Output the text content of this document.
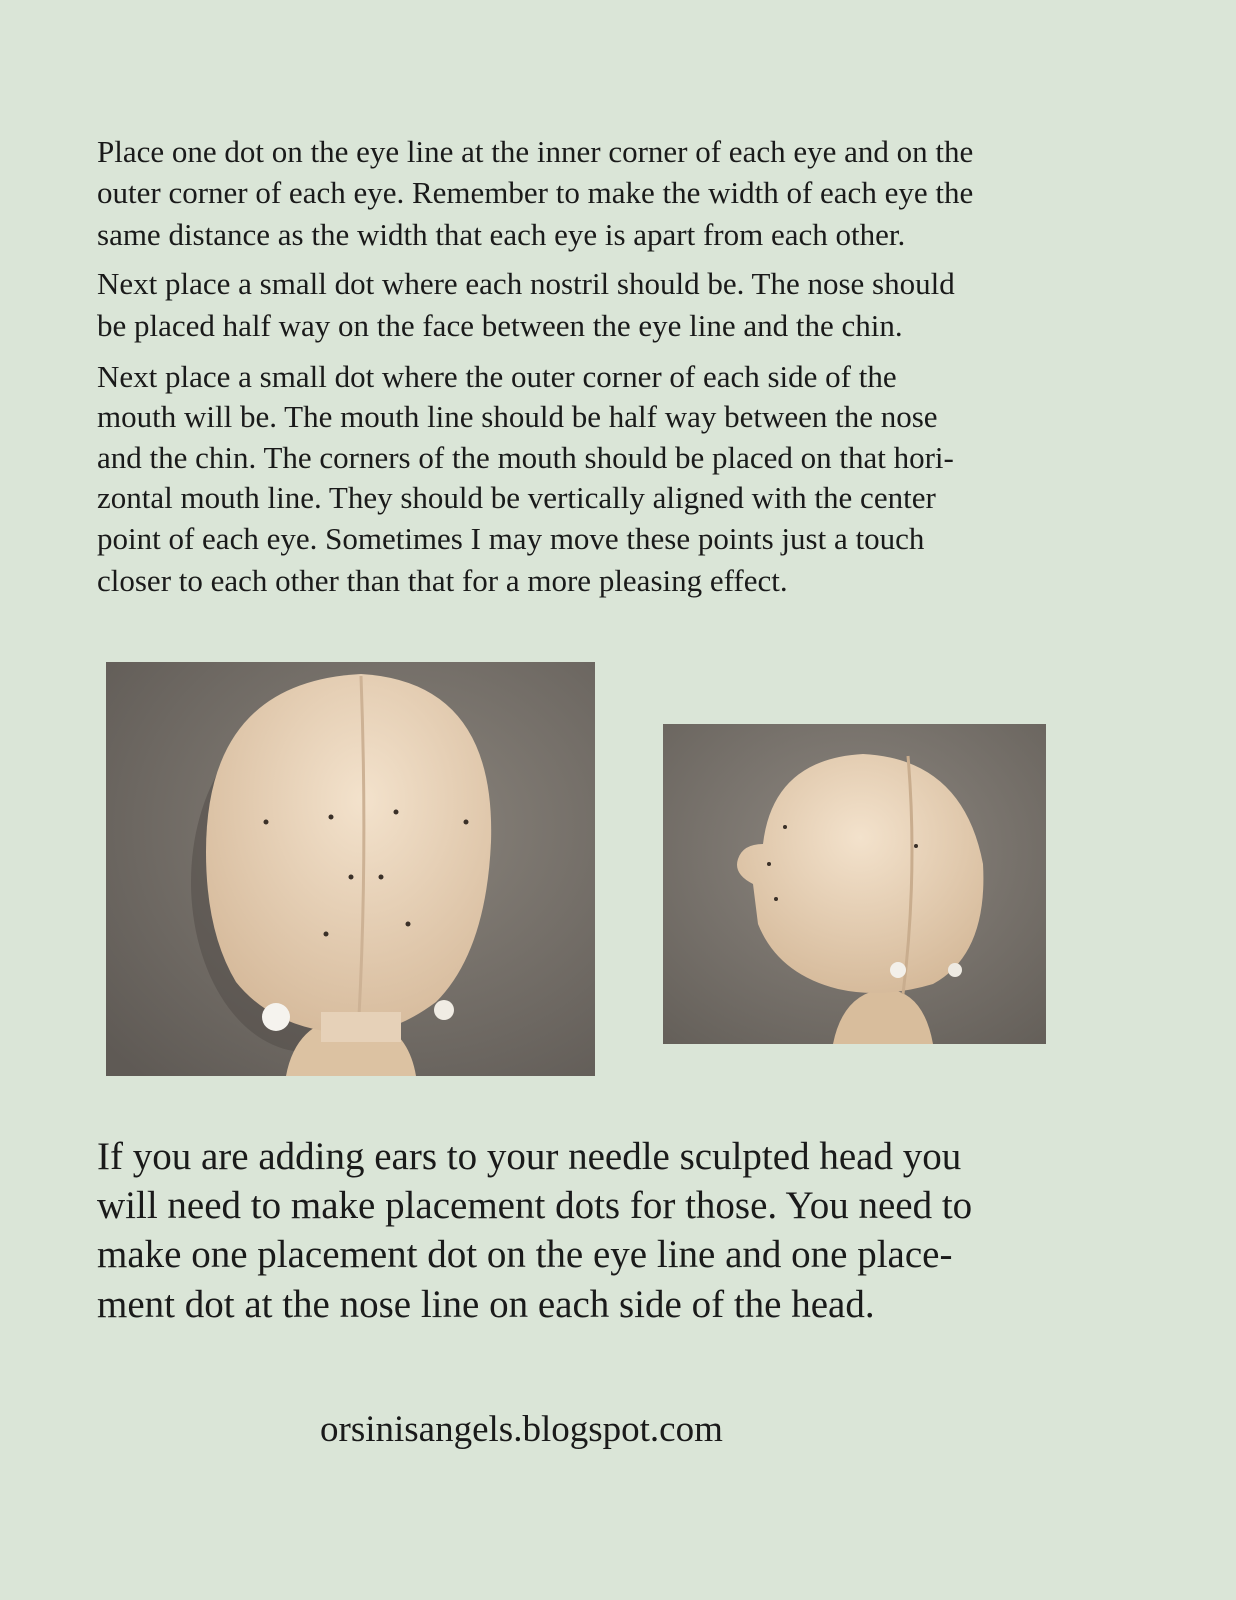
Place one dot on the eye line at the inner corner of each eye and on the
outer corner of each eye. Remember to make the width of each eye the
same distance as the width that each eye is apart from each other.
Next place a small dot where each nostril should be. The nose should
be placed half way on the face between the eye line and the chin.
Next place a small dot where the outer corner of each side of the
mouth will be. The mouth line should be half way between the nose
and the chin. The corners of the mouth should be placed on that hori-
zontal mouth line. They should be vertically aligned with the center
point of each eye. Sometimes I may move these points just a touch
closer to each other than that for a more pleasing effect.
If you are adding ears to your needle sculpted head you
will need to make placement dots for those. You need to
make one placement dot on the eye line and one place-
ment dot at the nose line on each side of the head.
orsinisangels.blogspot.com
